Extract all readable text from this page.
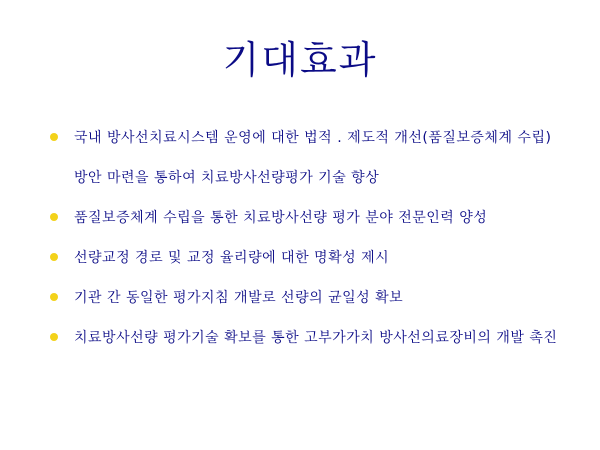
기대효과
국내 방사선치료시스템 운영에 대한 법적 ․ 제도적 개선(품질보증체계 수립) 방안 마련을 통하여 치료방사선량평가 기술 향상
품질보증체계 수립을 통한 치료방사선량 평가 분야 전문인력 양성
선량교정 경로 및 교정 율리량에 대한 명확성 제시
기관 간 동일한 평가지침 개발로 선량의 균일성 확보
치료방사선량 평가기술 확보를 통한 고부가가치 방사선의료장비의 개발 촉진
